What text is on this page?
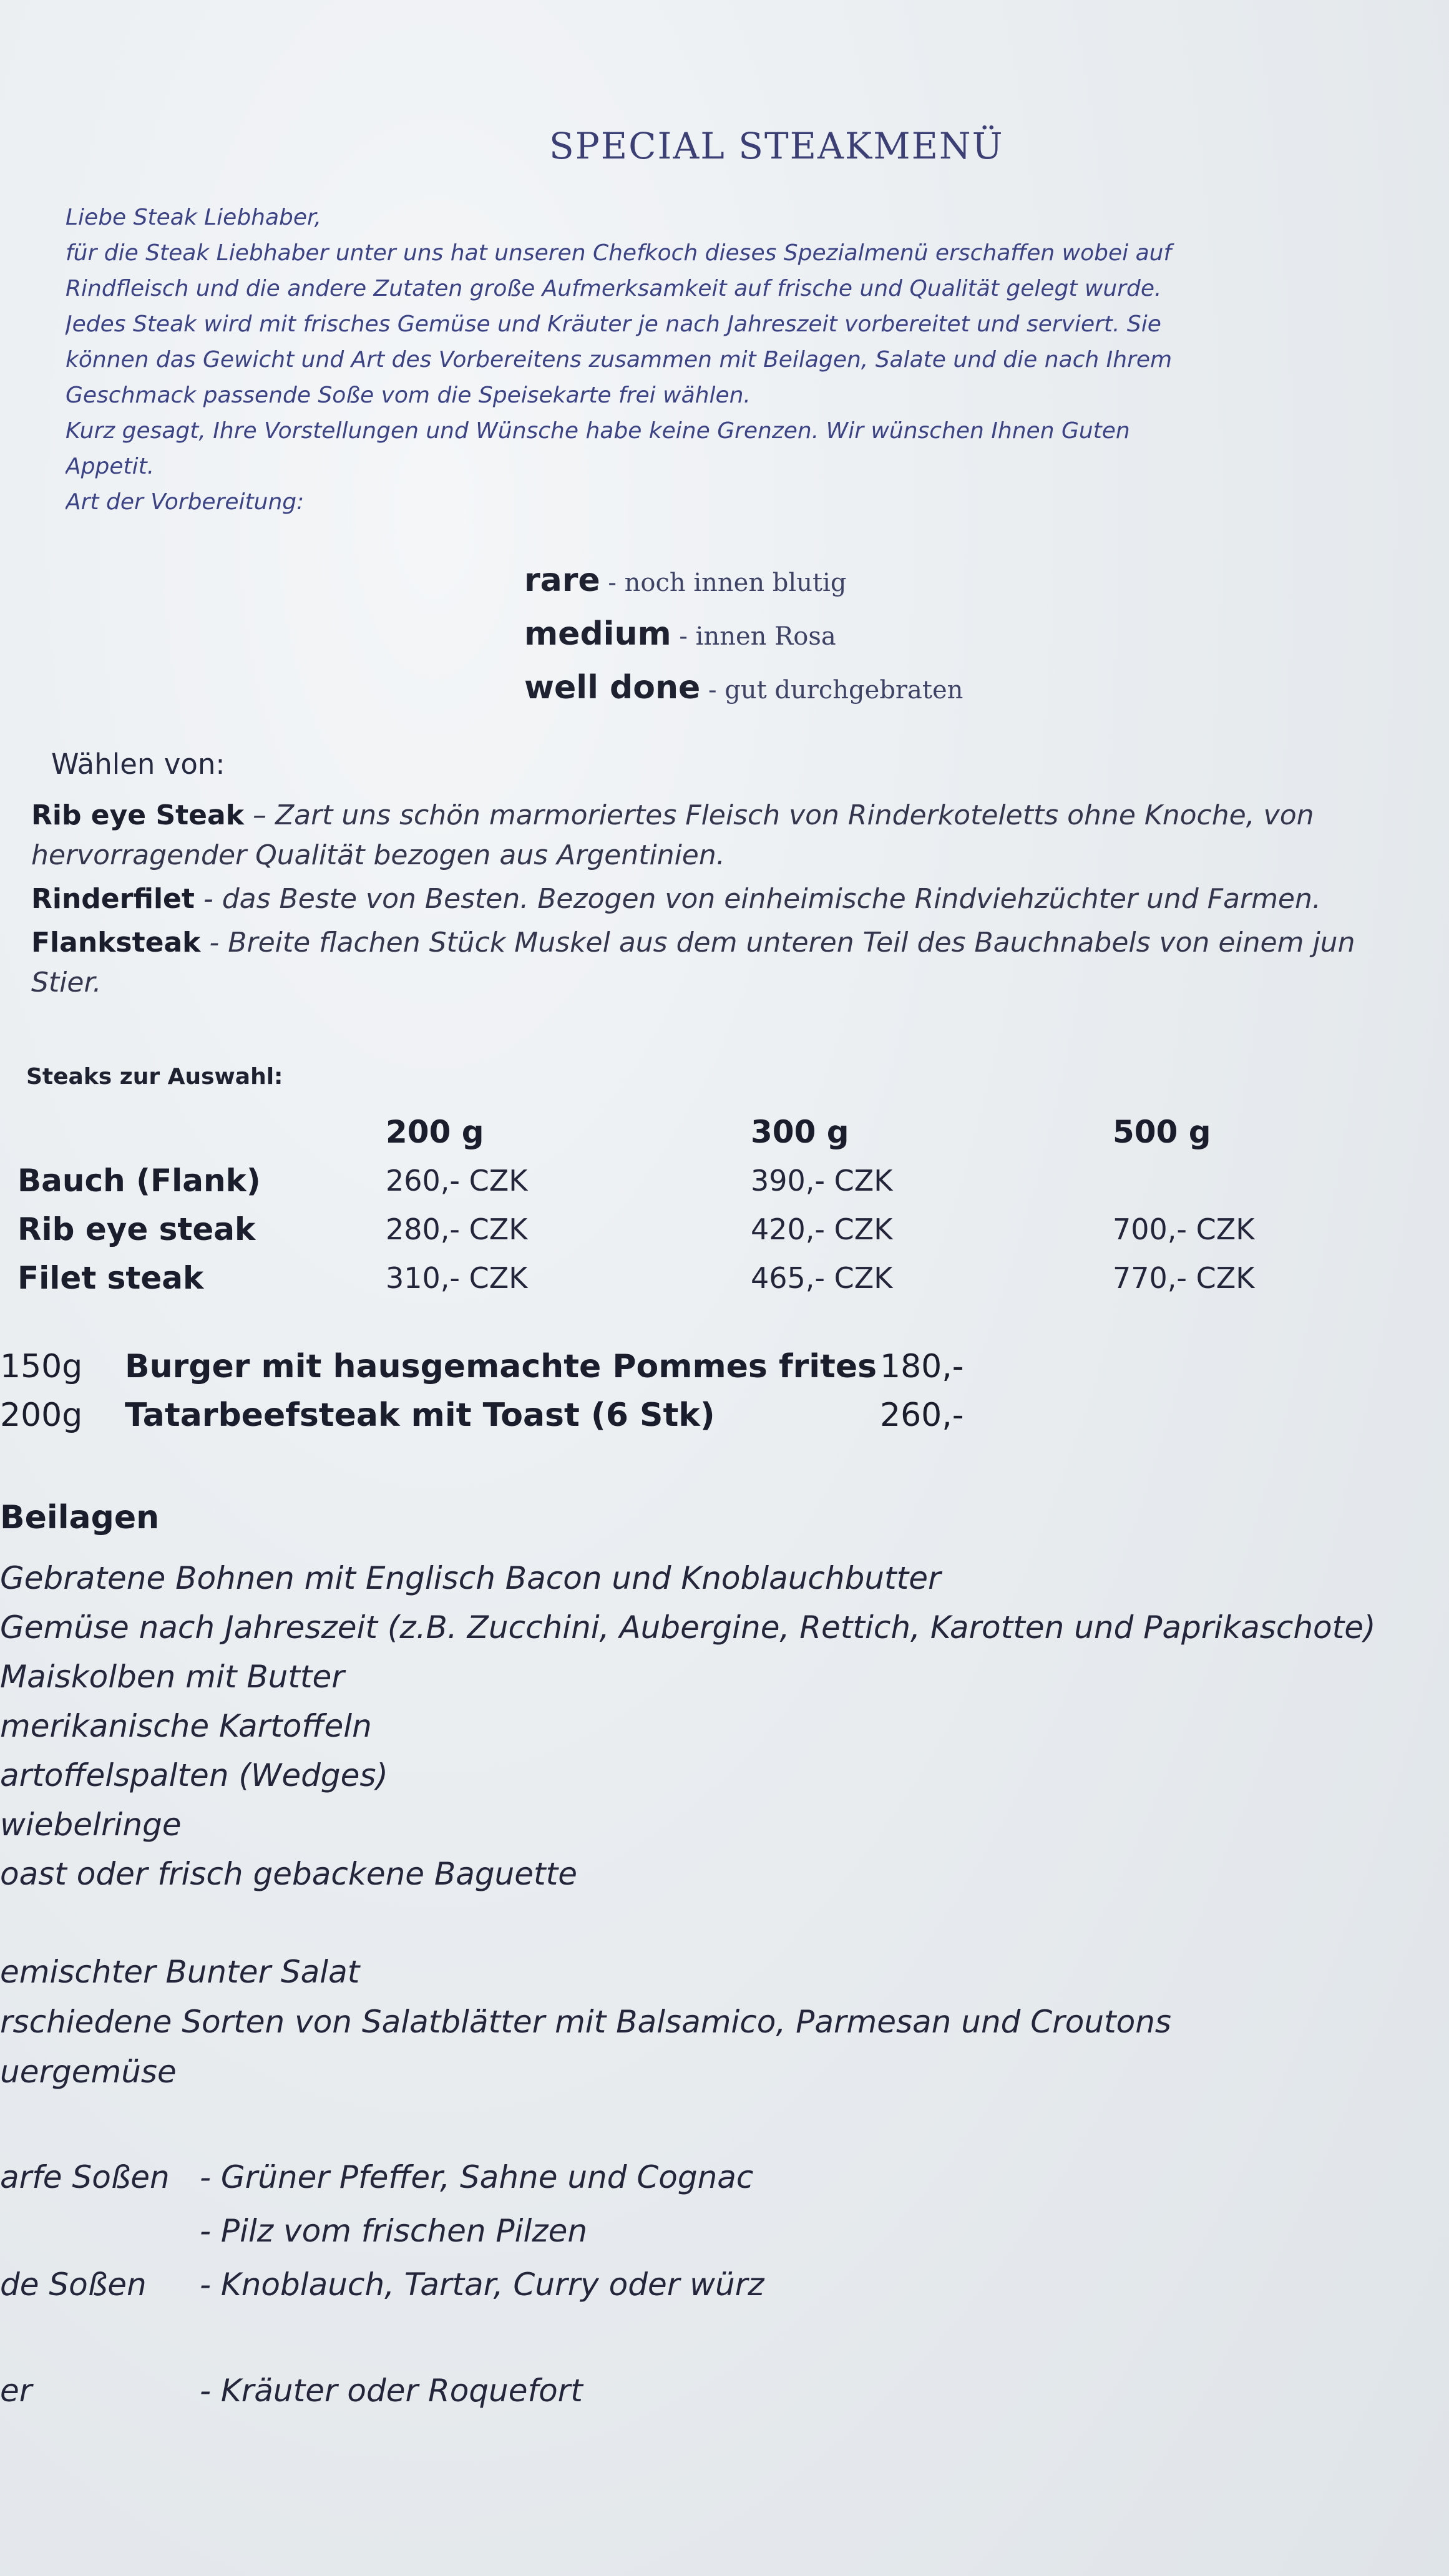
SPECIAL STEAKMENÜ
Liebe Steak Liebhaber,
für die Steak Liebhaber unter uns hat unseren Chefkoch dieses Spezialmenü erschaffen wobei auf
Rindfleisch und die andere Zutaten große Aufmerksamkeit auf frische und Qualität gelegt wurde.
Jedes Steak wird mit frisches Gemüse und Kräuter je nach Jahreszeit vorbereitet und serviert. Sie
können das Gewicht und Art des Vorbereitens zusammen mit Beilagen, Salate und die nach Ihrem
Geschmack passende Soße vom die Speisekarte frei wählen.
Kurz gesagt, Ihre Vorstellungen und Wünsche habe keine Grenzen. Wir wünschen Ihnen Guten
Appetit.
Art der Vorbereitung:
rare - noch innen blutig
medium - innen Rosa
well done - gut durchgebraten
Wählen von:
Rib eye Steak – Zart uns schön marmoriertes Fleisch von Rinderkoteletts ohne Knoche, von
hervorragender Qualität bezogen aus Argentinien.
Rinderfilet - das Beste von Besten. Bezogen von einheimische Rindviehzüchter und Farmen.
Flanksteak - Breite flachen Stück Muskel aus dem unteren Teil des Bauchnabels von einem jun
Stier.
Steaks zur Auswahl:
	200 g	300 g	500 g
Bauch (Flank)	260,- CZK	390,- CZK	
Rib eye steak	280,- CZK	420,- CZK	700,- CZK
Filet steak	310,- CZK	465,- CZK	770,- CZK
150g Burger mit hausgemachte Pommes frites180,-
200g Tatarbeefsteak mit Toast (6 Stk)	260,-
Beilagen
Gebratene Bohnen mit Englisch Bacon und Knoblauchbutter
Gemüse nach Jahreszeit (z.B. Zucchini, Aubergine, Rettich, Karotten und Paprikaschote)
Maiskolben mit Butter
merikanische Kartoffeln
artoffelspalten (Wedges)
wiebelringe
oast oder frisch gebackene Baguette
emischter Bunter Salat
rschiedene Sorten von Salatblätter mit Balsamico, Parmesan und Croutons
uergemüse
arfe Soßen - Grüner Pfeffer, Sahne und Cognac
- Pilz vom frischen Pilzen
de Soßen - Knoblauch, Tartar, Curry oder würz
er	- Kräuter oder Roquefort
